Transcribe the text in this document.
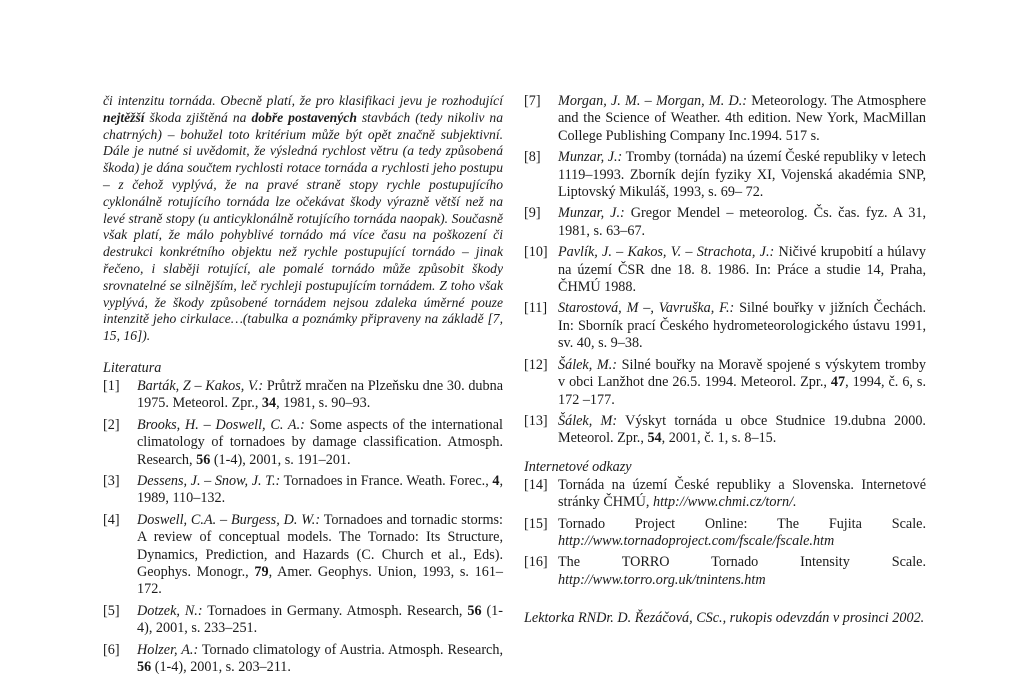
či intenzitu tornáda. Obecně platí, že pro klasifikaci jevu je rozhodující nejtěžší škoda zjištěná na dobře postavených stavbách (tedy nikoliv na chatrných) – bohužel toto kritérium může být opět značně subjektivní. Dále je nutné si uvědomit, že výsledná rychlost větru (a tedy způsobená škoda) je dána součtem rychlosti rotace tornáda a rychlosti jeho postupu – z čehož vyplývá, že na pravé straně stopy rychle postupujícího cyklonálně rotujícího tornáda lze očekávat škody výrazně větší než na levé straně stopy (u anticyklonálně rotujícího tornáda naopak). Současně však platí, že málo pohyblivé tornádo má více času na poškození či destrukci konkrétního objektu než rychle postupující tornádo – jinak řečeno, i slaběji rotující, ale pomalé tornádo může způsobit škody srovnatelné se silnějším, leč rychleji postupujícím tornádem. Z toho však vyplývá, že škody způsobené tornádem nejsou zdaleka úměrné pouze intenzitě jeho cirkulace…(tabulka a poznámky připraveny na základě [7, 15, 16]).

Literatura

[1]	Barták, Z – Kakos, V.: Průtrž mračen na Plzeňsku dne 30. dubna 1975. Meteorol. Zpr., 34, 1981, s. 90–93.
[2]	Brooks, H. – Doswell, C. A.: Some aspects of the international climatology of tornadoes by damage classification. Atmosph. Research, 56 (1-4), 2001, s. 191–201.
[3]	Dessens, J. – Snow, J. T.: Tornadoes in France. Weath. Forec., 4, 1989, 110–132.
[4]	Doswell, C.A. – Burgess, D. W.: Tornadoes and tornadic storms: A review of conceptual models. The Tornado: Its Structure, Dynamics, Prediction, and Hazards (C. Church et al., Eds). Geophys. Monogr., 79, Amer. Geophys. Union, 1993, s. 161–172.
[5]	Dotzek, N.: Tornadoes in Germany. Atmosph. Research, 56 (1-4), 2001, s. 233–251.
[6]	Holzer, A.: Tornado climatology of Austria. Atmosph. Research, 56 (1-4), 2001, s. 203–211.
[7]	Morgan, J. M. – Morgan, M. D.: Meteorology. The Atmosphere and the Science of Weather. 4th edition. New York, MacMillan College Publishing Company Inc.1994. 517 s.
[8]	Munzar, J.: Tromby (tornáda) na území České republiky v letech 1119–1993. Zborník dejín fyziky XI, Vojenská akadémia SNP, Liptovský Mikuláš, 1993, s. 69– 72.
[9]	Munzar, J.: Gregor Mendel – meteorolog. Čs. čas. fyz. A 31, 1981, s. 63–67.
[10] Pavlík, J. – Kakos, V. – Strachota, J.: Ničivé krupobití a húlavy na území ČSR dne 18. 8. 1986. In: Práce a studie 14, Praha, ČHMÚ 1988.
[11] Starostová, M –, Vavruška, F.: Silné bouřky v jižních Čechách. In: Sborník prací Českého hydrometeorologického ústavu 1991, sv. 40, s. 9–38.
[12] Šálek, M.: Silné bouřky na Moravě spojené s výskytem tromby v obci Lanžhot dne 26.5. 1994. Meteorol. Zpr., 47, 1994, č. 6, s. 172 –177.
[13] Šálek, M: Výskyt tornáda u obce Studnice 19.dubna 2000. Meteorol. Zpr., 54, 2001, č. 1, s. 8–15.

Internetové odkazy

[14] Tornáda na území České republiky a Slovenska. Internetové stránky ČHMÚ, http://www.chmi.cz/torn/.
[15] Tornado Project Online: The Fujita Scale. http://www.tornadoproject.com/fscale/fscale.htm
[16] The TORRO Tornado Intensity Scale. http://www.torro.org.uk/tnintens.htm

Lektorka RNDr. D. Řezáčová, CSc., rukopis odevzdán v prosinci 2002.
